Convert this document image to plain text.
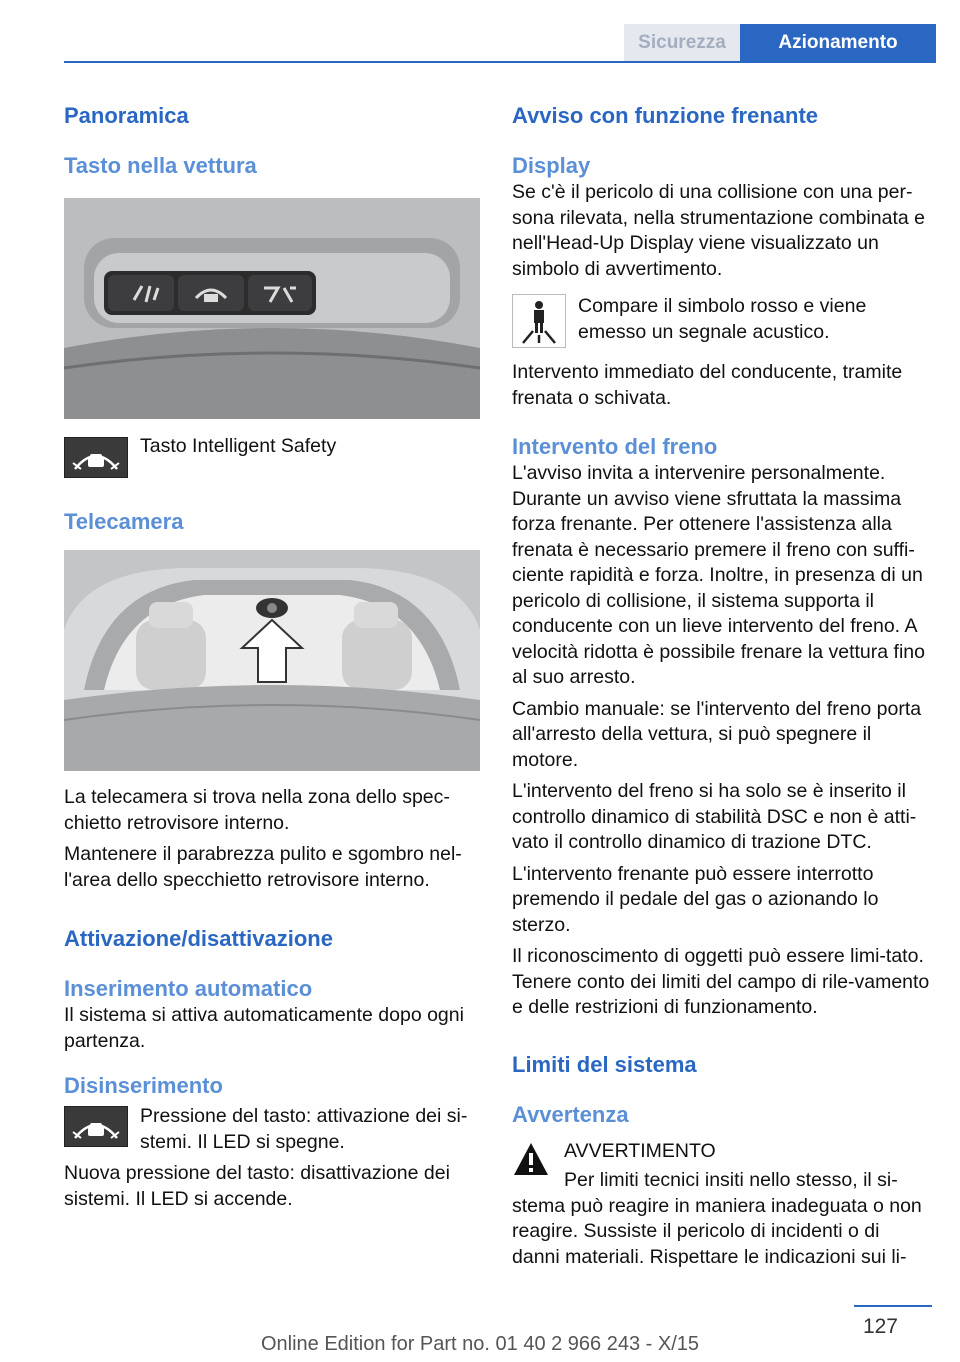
Sicurezza	Azionamento
Panoramica
Tasto nella vettura
Tasto Intelligent Safety
Telecamera
La telecamera si trova nella zona dello spec-chietto retrovisore interno.
Mantenere il parabrezza pulito e sgombro nel-l'area dello specchietto retrovisore interno.
Attivazione/disattivazione
Inserimento automatico
Il sistema si attiva automaticamente dopo ogni partenza.
Disinserimento
Pressione del tasto: attivazione dei si-stemi. Il LED si spegne.
Nuova pressione del tasto: disattivazione dei sistemi. Il LED si accende.
Avviso con funzione frenante
Display
Se c'è il pericolo di una collisione con una per-sona rilevata, nella strumentazione combinata e nell'Head-Up Display viene visualizzato un simbolo di avvertimento.
Compare il simbolo rosso e viene emesso un segnale acustico.
Intervento immediato del conducente, tramite frenata o schivata.
Intervento del freno
L'avviso invita a intervenire personalmente. Durante un avviso viene sfruttata la massima forza frenante. Per ottenere l'assistenza alla frenata è necessario premere il freno con suffi-ciente rapidità e forza. Inoltre, in presenza di un pericolo di collisione, il sistema supporta il conducente con un lieve intervento del freno. A velocità ridotta è possibile frenare la vettura fino al suo arresto.
Cambio manuale: se l'intervento del freno porta all'arresto della vettura, si può spegnere il motore.
L'intervento del freno si ha solo se è inserito il controllo dinamico di stabilità DSC e non è atti-vato il controllo dinamico di trazione DTC.
L'intervento frenante può essere interrotto premendo il pedale del gas o azionando lo sterzo.
Il riconoscimento di oggetti può essere limi-tato. Tenere conto dei limiti del campo di rile-vamento e delle restrizioni di funzionamento.
Limiti del sistema
Avvertenza
AVVERTIMENTO
Per limiti tecnici insiti nello stesso, il si-stema può reagire in maniera inadeguata o non reagire. Sussiste il pericolo di incidenti o di danni materiali. Rispettare le indicazioni sui li-
127
Online Edition for Part no. 01 40 2 966 243 - X/15
